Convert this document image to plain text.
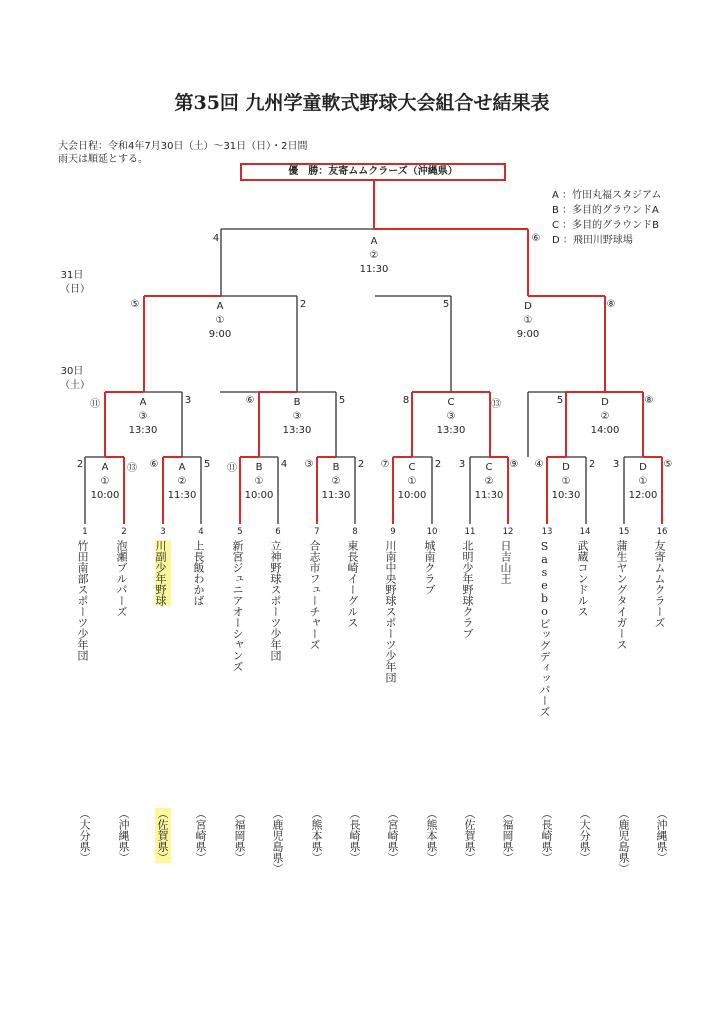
第35回 九州学童軟式野球大会組合せ結果表
大会日程：令和4年7月30日（土）〜31日（日）・2日間
雨天は順延とする。
優　勝：友寄ムムクラーズ（沖縄県）
A ：竹田丸福スタジアム
B ：多目的グラウンドA
C ：多目的グラウンドB
D ：飛田川野球場
31日
（日）
30日
（土）
A
②
11:30
4	⑥
A
①
9:00
⑤	2	D
①
9:00
5	⑧
A
③
13:30
⑪	3	B
③
13:30
⑥	5	C
③
13:30
8	⑬	D
②
14:00
5	⑧
A
①
10:00
2	⑬	A
②
11:30
⑥	5	B
①
10:00
⑪	4	B
②
11:30
③	2	C
①
10:00
⑦	2	C
②
11:30
3	⑨	D
①
10:30
④	2	D
①
12:00
3	⑤
1
竹田南部スポーツ少年団
（大分県）
2
泡瀬ブルパーズ
（沖縄県）
3
川副少年野球
（佐賀県）
4
上長飯わかば
（宮崎県）
5
新宮ジュニアオーシャンズ
（福岡県）
6
立神野球スポーツ少年団
（鹿児島県）
7
合志市フューチャーズ
（熊本県）
8
東長崎イーグルス
（長崎県）
9
川南中央野球スポーツ少年団
（宮崎県）
10
城南クラブ
（熊本県）
11
北明少年野球クラブ
（佐賀県）
12
日吉山王
（福岡県）
13
Saseboビッグディッパーズ
（長崎県）
14
武蔵コンドルス
（大分県）
15
蒲生ヤングタイガース
（鹿児島県）
16
友寄ムムクラーズ
（沖縄県）
